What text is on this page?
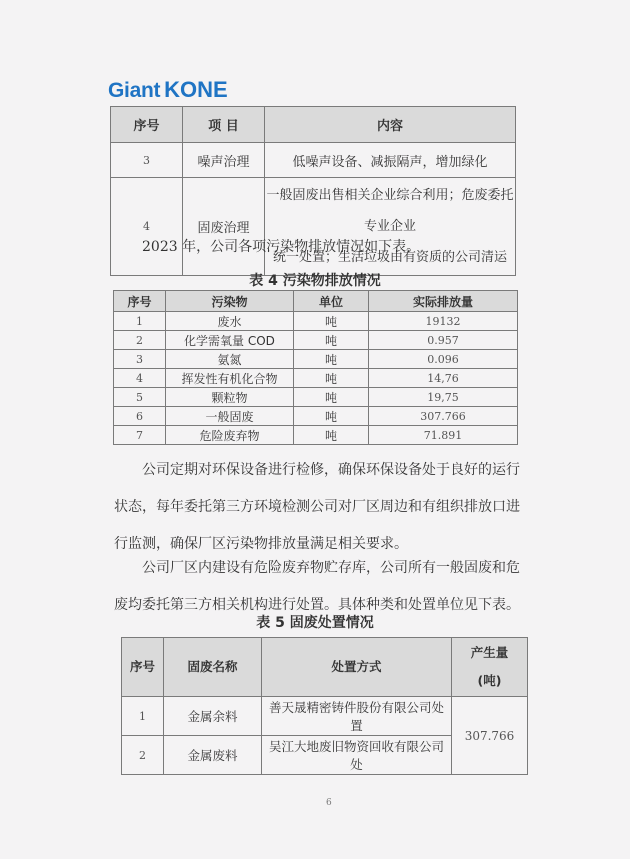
Giant KONE
序号	项 目	内容
3	噪声治理	低噪声设备、减振隔声，增加绿化
4	固废治理	一般固废出售相关企业综合利用；危废委托专业企业
统一处置；生活垃圾由有资质的公司清运
2023 年，公司各项污染物排放情况如下表。
表 4 污染物排放情况
序号	污染物	单位	实际排放量
1	废水	吨	19132
2	化学需氧量 COD	吨	0.957
3	氨氮	吨	0.096
4	挥发性有机化合物	吨	14,76
5	颗粒物	吨	19,75
6	一般固废	吨	307.766
7	危险废弃物	吨	71.891
公司定期对环保设备进行检修，确保环保设备处于良好的运行状态，每年委托第三方环境检测公司对厂区周边和有组织排放口进行监测，确保厂区污染物排放量满足相关要求。
公司厂区内建设有危险废弃物贮存库，公司所有一般固废和危废均委托第三方相关机构进行处置。具体种类和处置单位见下表。
表 5 固废处置情况
序号	固废名称	处置方式	产生量
(吨)

1	金属余料	善天晟精密铸件股份有限公司处置	307.766
2	金属废料	吴江大地废旧物资回收有限公司处	
6
